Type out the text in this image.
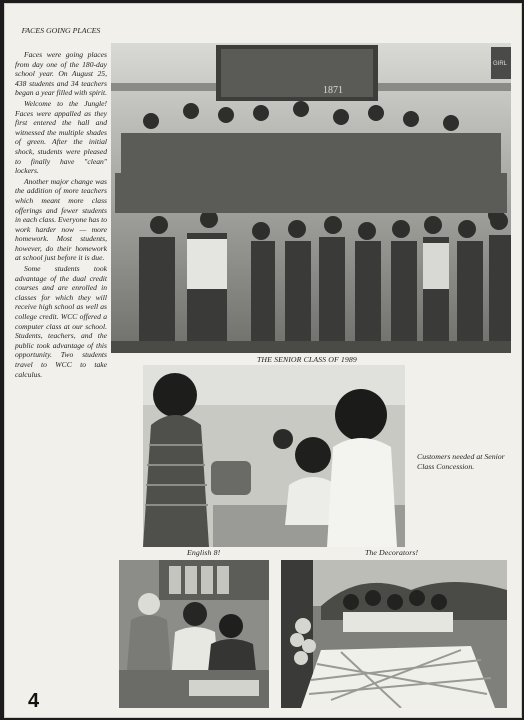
FACES GOING PLACES

Faces were going places from day one of the 180-day school year. On August 25, 438 students and 34 teachers began a year filled with spirit.

Welcome to the Jungle! Faces were appalled as they first entered the hall and witnessed the multiple shades of green. After the initial shock, students were pleased to finally have "clean" lockers.

Another major change was the addition of more teachers which meant more class offerings and fewer students in each class. Everyone has to work harder now — more homework. Most students, however, do their homework at school just before it is due.

Some students took advantage of the dual credit courses and are enrolled in classes for which they will receive high school as well as college credit. WCC offered a computer class at our school. Students, teachers, and the public took advantage of this opportunity. Two students travel to WCC to take calculus.

1871
GIRL
THE SENIOR CLASS OF 1989
Customers needed at Senior Class Concession.
English 8!	The Decorators!
4
